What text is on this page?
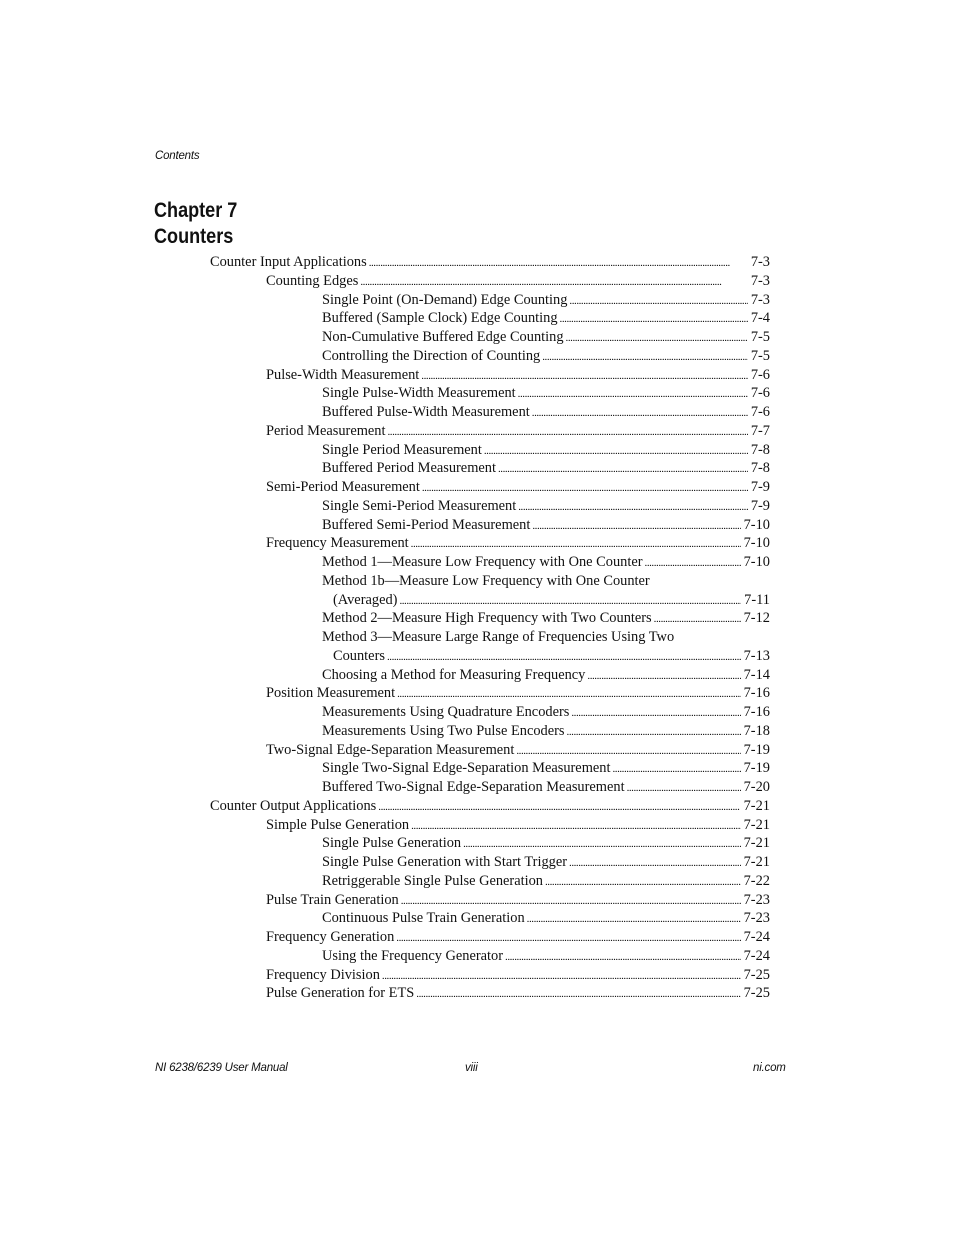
Contents
Chapter 7
Counters
Counter Input Applications . . .	7-3
Counting Edges . . .	7-3
Single Point (On-Demand) Edge Counting . . .	7-3
Buffered (Sample Clock) Edge Counting . . .	7-4
Non-Cumulative Buffered Edge Counting . . .	7-5
Controlling the Direction of Counting . . .	7-5
Pulse-Width Measurement . . .	7-6
Single Pulse-Width Measurement . . .	7-6
Buffered Pulse-Width Measurement . . .	7-6
Period Measurement . . .	7-7
Single Period Measurement . . .	7-8
Buffered Period Measurement . . .	7-8
Semi-Period Measurement . . .	7-9
Single Semi-Period Measurement . . .	7-9
Buffered Semi-Period Measurement . . .	7-10
Frequency Measurement . . .	7-10
Method 1—Measure Low Frequency with One Counter . . .	7-10
Method 1b—Measure Low Frequency with One Counter
(Averaged) . . .	7-11
Method 2—Measure High Frequency with Two Counters . . .	7-12
Method 3—Measure Large Range of Frequencies Using Two
Counters . . .	7-13
Choosing a Method for Measuring Frequency . . .	7-14
Position Measurement . . .	7-16
Measurements Using Quadrature Encoders . . .	7-16
Measurements Using Two Pulse Encoders . . .	7-18
Two-Signal Edge-Separation Measurement . . .	7-19
Single Two-Signal Edge-Separation Measurement . . .	7-19
Buffered Two-Signal Edge-Separation Measurement . . .	7-20
Counter Output Applications . . .	7-21
Simple Pulse Generation . . .	7-21
Single Pulse Generation . . .	7-21
Single Pulse Generation with Start Trigger . . .	7-21
Retriggerable Single Pulse Generation . . .	7-22
Pulse Train Generation . . .	7-23
Continuous Pulse Train Generation . . .	7-23
Frequency Generation . . .	7-24
Using the Frequency Generator . . .	7-24
Frequency Division . . .	7-25
Pulse Generation for ETS . . .	7-25
NI 6238/6239 User Manual	viii	ni.com
